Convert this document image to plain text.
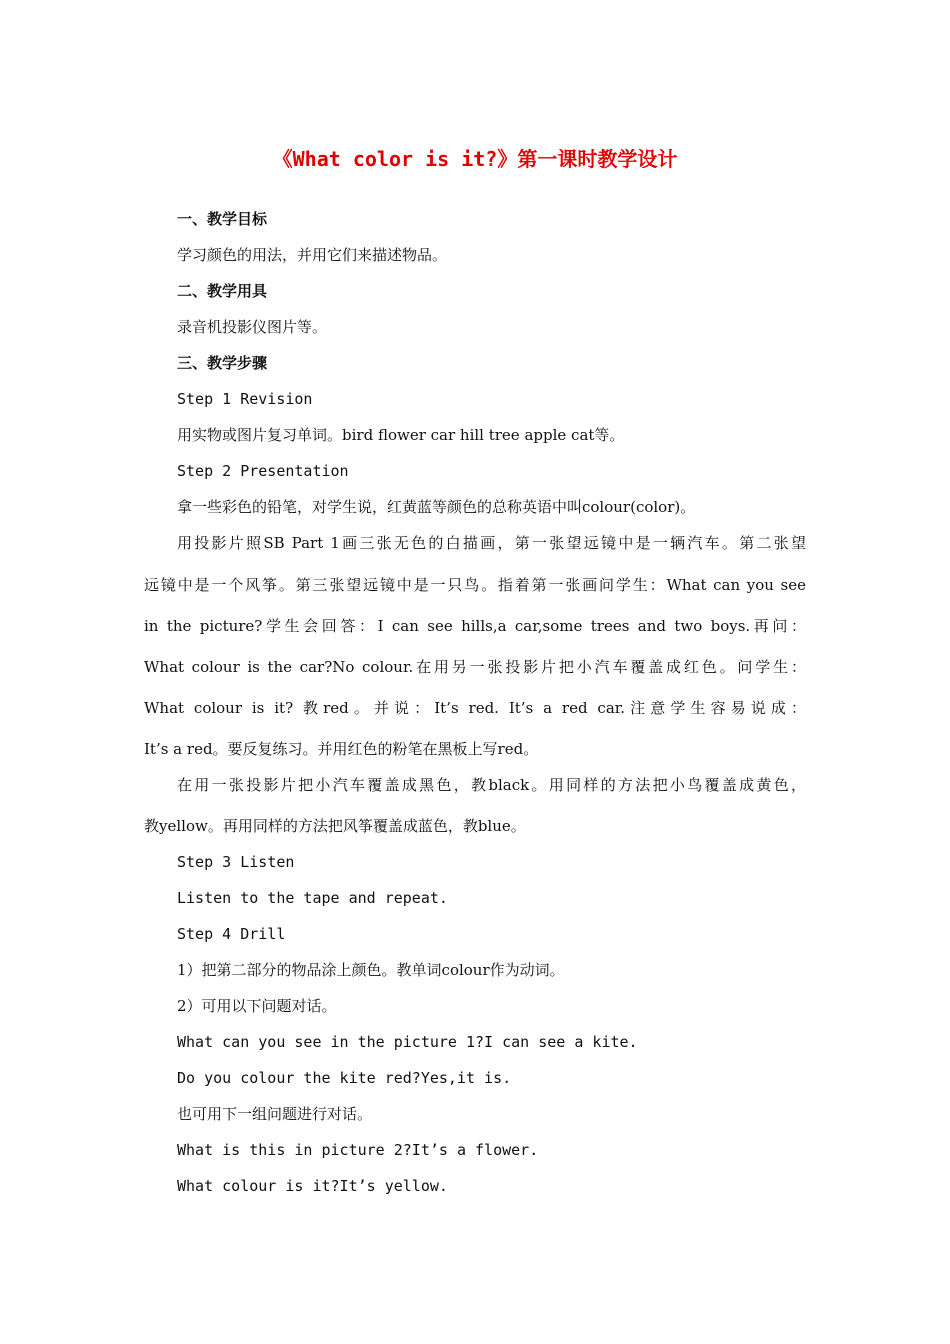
《What color is it?》第一课时教学设计
一、教学目标
学习颜色的用法，并用它们来描述物品。
二、教学用具
录音机投影仪图片等。
三、教学步骤
Step 1 Revision
用实物或图片复习单词。bird flower car hill tree apple cat等。
Step 2 Presentation
拿一些彩色的铅笔，对学生说，红黄蓝等颜色的总称英语中叫colour(color)。
用投影片照SB Part 1画三张无色的白描画，第一张望远镜中是一辆汽车。第二张望
远镜中是一个风筝。第三张望远镜中是一只鸟。指着第一张画问学生：What can you see
in the picture?学生会回答：I can see hills,a car,some trees and two boys.再问：
What colour is the car?No colour.在用另一张投影片把小汽车覆盖成红色。问学生：
What colour is it? 教red。并说：It’s red. It’s a red car.注意学生容易说成：
It’s a red。要反复练习。并用红色的粉笔在黑板上写red。
在用一张投影片把小汽车覆盖成黑色，教black。用同样的方法把小鸟覆盖成黄色，
教yellow。再用同样的方法把风筝覆盖成蓝色，教blue。
Step 3 Listen
Listen to the tape and repeat.
Step 4 Drill
1）把第二部分的物品涂上颜色。教单词colour作为动词。
2）可用以下问题对话。
What can you see in the picture 1?I can see a kite.
Do you colour the kite red?Yes,it is.
也可用下一组问题进行对话。
What is this in picture 2?It’s a flower.
What colour is it?It’s yellow.
